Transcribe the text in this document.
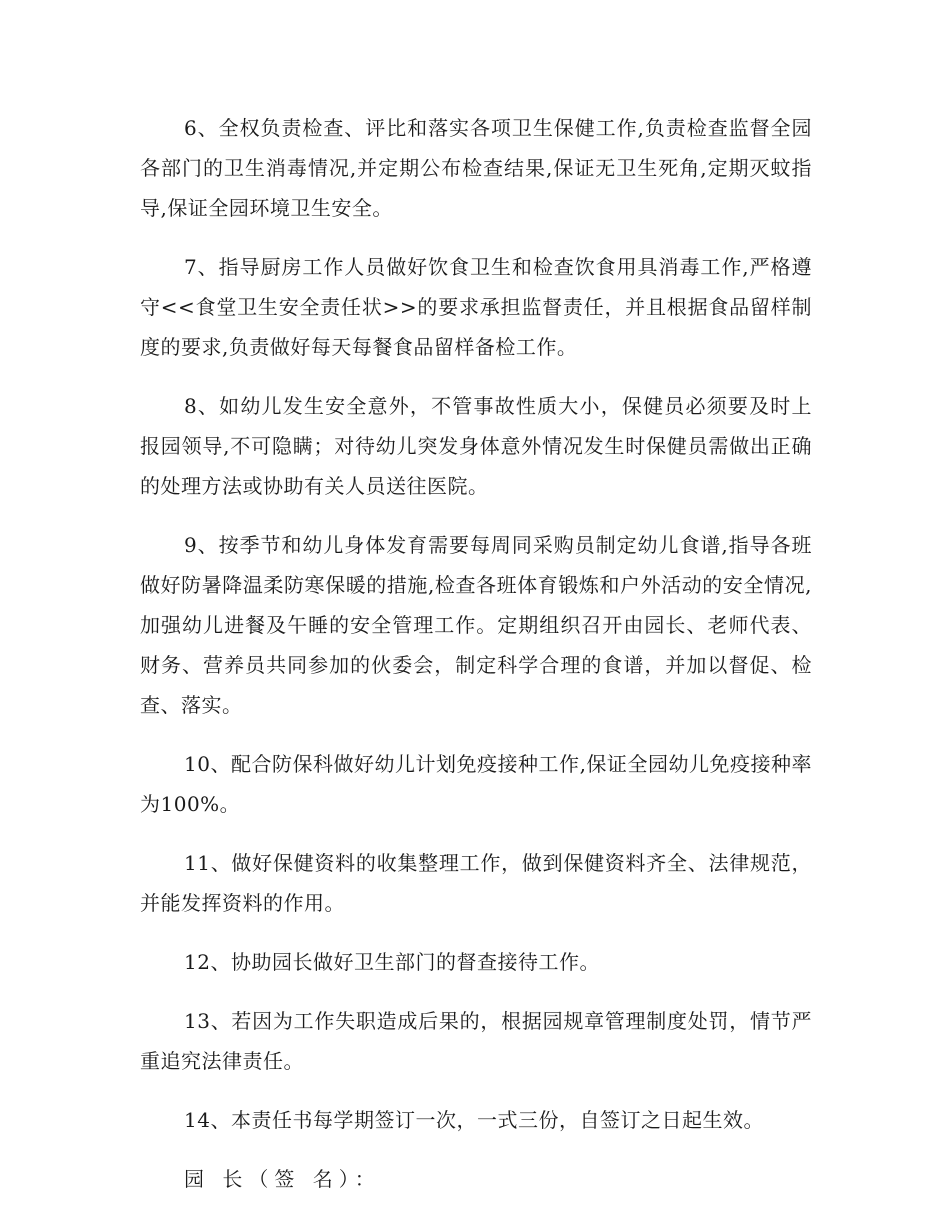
6、全权负责检查、评比和落实各项卫生保健工作,负责检查监督全园各部门的卫生消毒情况,并定期公布检查结果,保证无卫生死角,定期灭蚊指导,保证全园环境卫生安全。

7、指导厨房工作人员做好饮食卫生和检查饮食用具消毒工作,严格遵守<<食堂卫生安全责任状>>的要求承担监督责任，并且根据食品留样制度的要求,负责做好每天每餐食品留样备检工作。

8、如幼儿发生安全意外，不管事故性质大小，保健员必须要及时上报园领导,不可隐瞒；对待幼儿突发身体意外情况发生时保健员需做出正确的处理方法或协助有关人员送往医院。

9、按季节和幼儿身体发育需要每周同采购员制定幼儿食谱,指导各班做好防暑降温柔防寒保暖的措施,检查各班体育锻炼和户外活动的安全情况,加强幼儿进餐及午睡的安全管理工作。定期组织召开由园长、老师代表、财务、营养员共同参加的伙委会，制定科学合理的食谱，并加以督促、检查、落实。

10、配合防保科做好幼儿计划免疫接种工作,保证全园幼儿免疫接种率为100%。

11、做好保健资料的收集整理工作，做到保健资料齐全、法律规范，并能发挥资料的作用。

12、协助园长做好卫生部门的督查接待工作。

13、若因为工作失职造成后果的，根据园规章管理制度处罚，情节严重追究法律责任。

14、本责任书每学期签订一次，一式三份，自签订之日起生效。

园 长（签 名）：
